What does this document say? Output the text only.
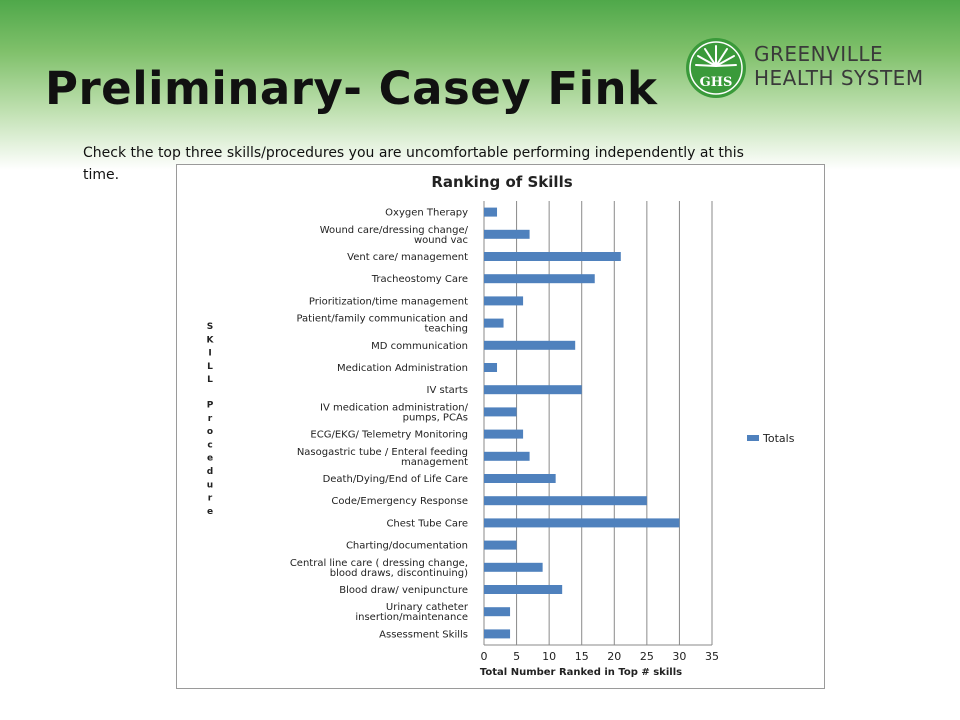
Preliminary- Casey Fink	GHS
GREENVILLE
HEALTH SYSTEM
Check the top three skills/procedures you are uncomfortable performing independently at this time.	Ranking of Skills
Oxygen Therapy
Wound care/dressing change/
wound vac
Vent care/ management
Tracheostomy Care
Prioritization/time management
Patient/family communication and
teaching
MD communication
Medication Administration
IV starts
IV medication administration/
pumps, PCAs
ECG/EKG/ Telemetry Monitoring
Nasogastric tube / Enteral feeding
management
Death/Dying/End of Life Care
Code/Emergency Response
Chest Tube Care
Charting/documentation
Central line care ( dressing change,
blood draws, discontinuing)
Blood draw/ venipuncture
Urinary catheter
insertion/maintenance
Assessment Skills
0 5 10 15 20 25 30 35
S
K
I
L
L
P
r
o
c
e
d
u
r
e
Total Number Ranked in Top # skills
Totals
